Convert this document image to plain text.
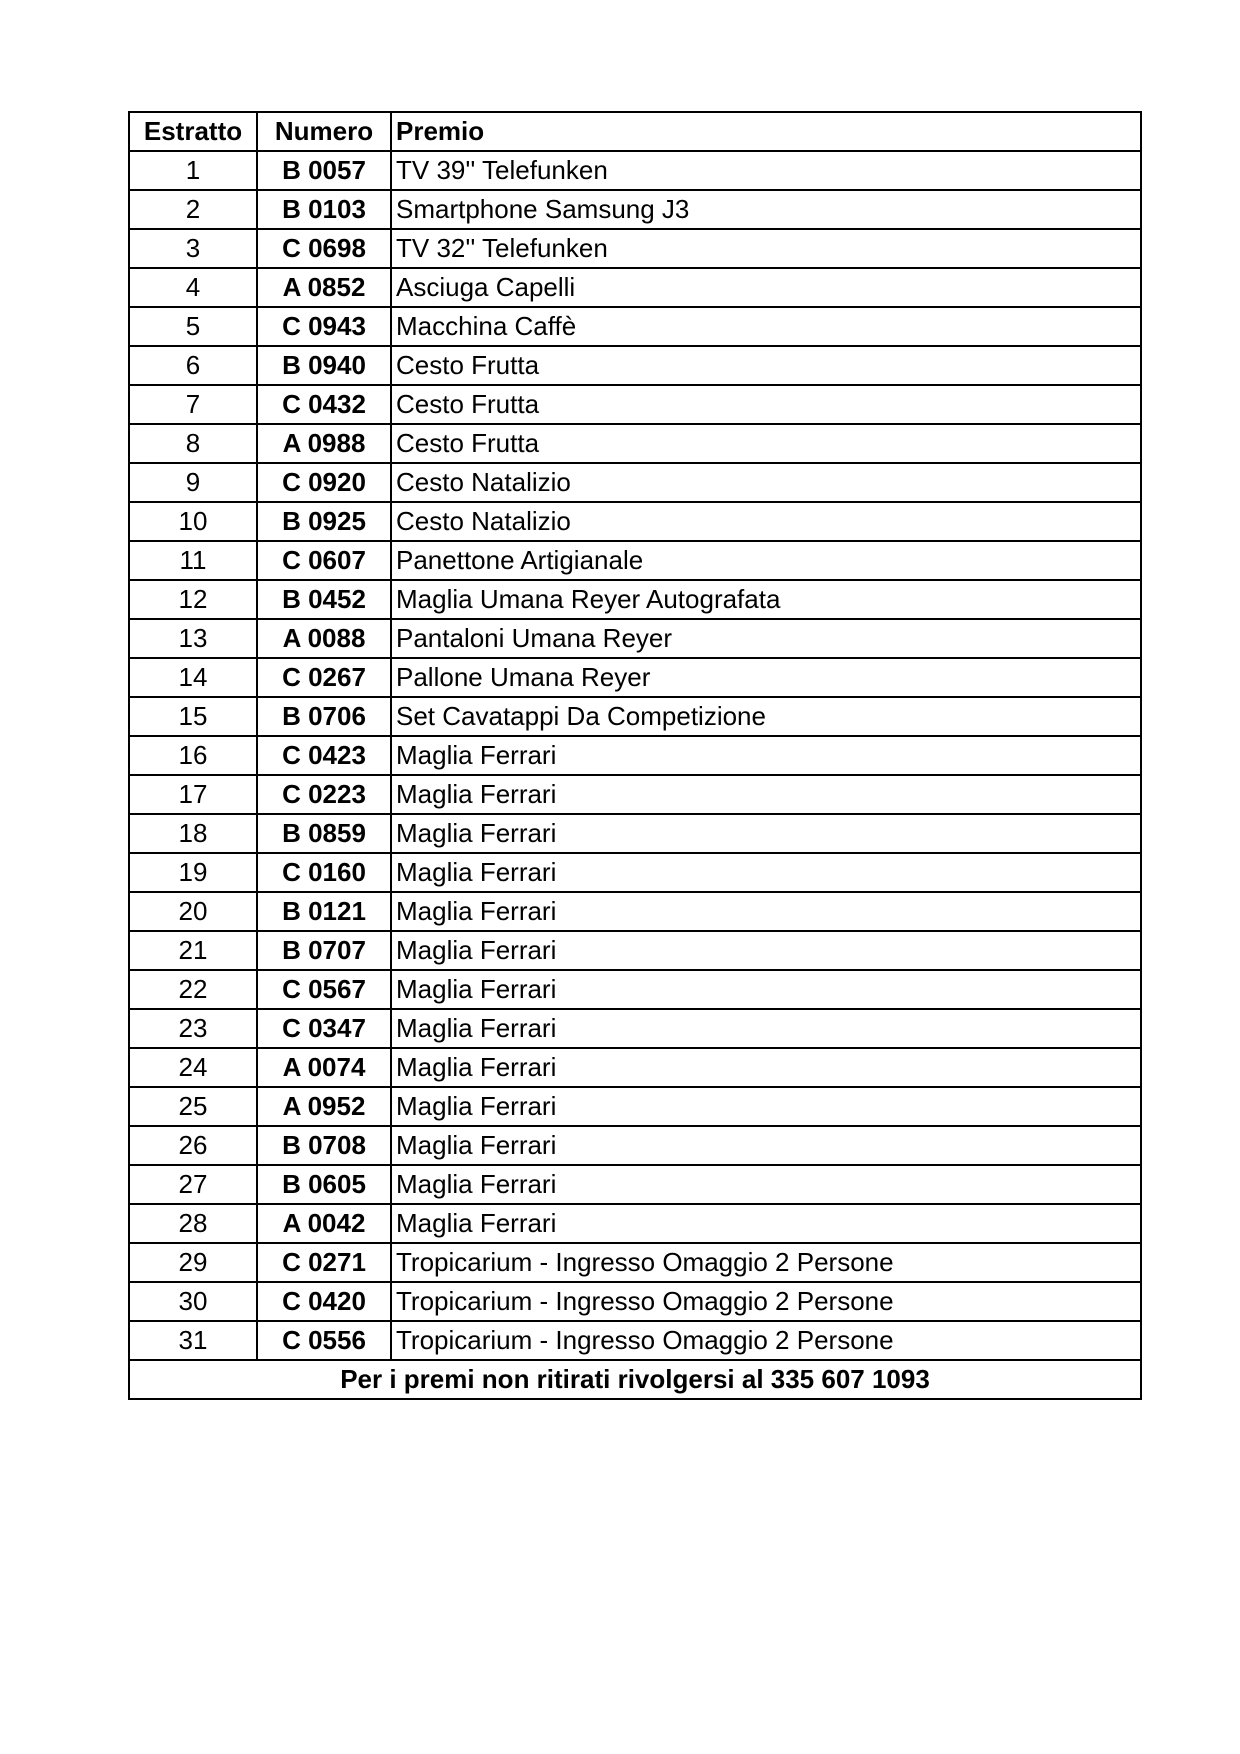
Estratto	Numero	Premio
1	B 0057	TV 39'' Telefunken
2	B 0103	Smartphone Samsung J3
3	C 0698	TV 32'' Telefunken
4	A 0852	Asciuga Capelli
5	C 0943	Macchina Caffè
6	B 0940	Cesto Frutta
7	C 0432	Cesto Frutta
8	A 0988	Cesto Frutta
9	C 0920	Cesto Natalizio
10	B 0925	Cesto Natalizio
11	C 0607	Panettone Artigianale
12	B 0452	Maglia Umana Reyer Autografata
13	A 0088	Pantaloni Umana Reyer
14	C 0267	Pallone Umana Reyer
15	B 0706	Set Cavatappi Da Competizione
16	C 0423	Maglia Ferrari
17	C 0223	Maglia Ferrari
18	B 0859	Maglia Ferrari
19	C 0160	Maglia Ferrari
20	B 0121	Maglia Ferrari
21	B 0707	Maglia Ferrari
22	C 0567	Maglia Ferrari
23	C 0347	Maglia Ferrari
24	A 0074	Maglia Ferrari
25	A 0952	Maglia Ferrari
26	B 0708	Maglia Ferrari
27	B 0605	Maglia Ferrari
28	A 0042	Maglia Ferrari
29	C 0271	Tropicarium - Ingresso Omaggio 2 Persone
30	C 0420	Tropicarium - Ingresso Omaggio 2 Persone
31	C 0556	Tropicarium - Ingresso Omaggio 2 Persone
Per i premi non ritirati rivolgersi al 335 607 1093		
